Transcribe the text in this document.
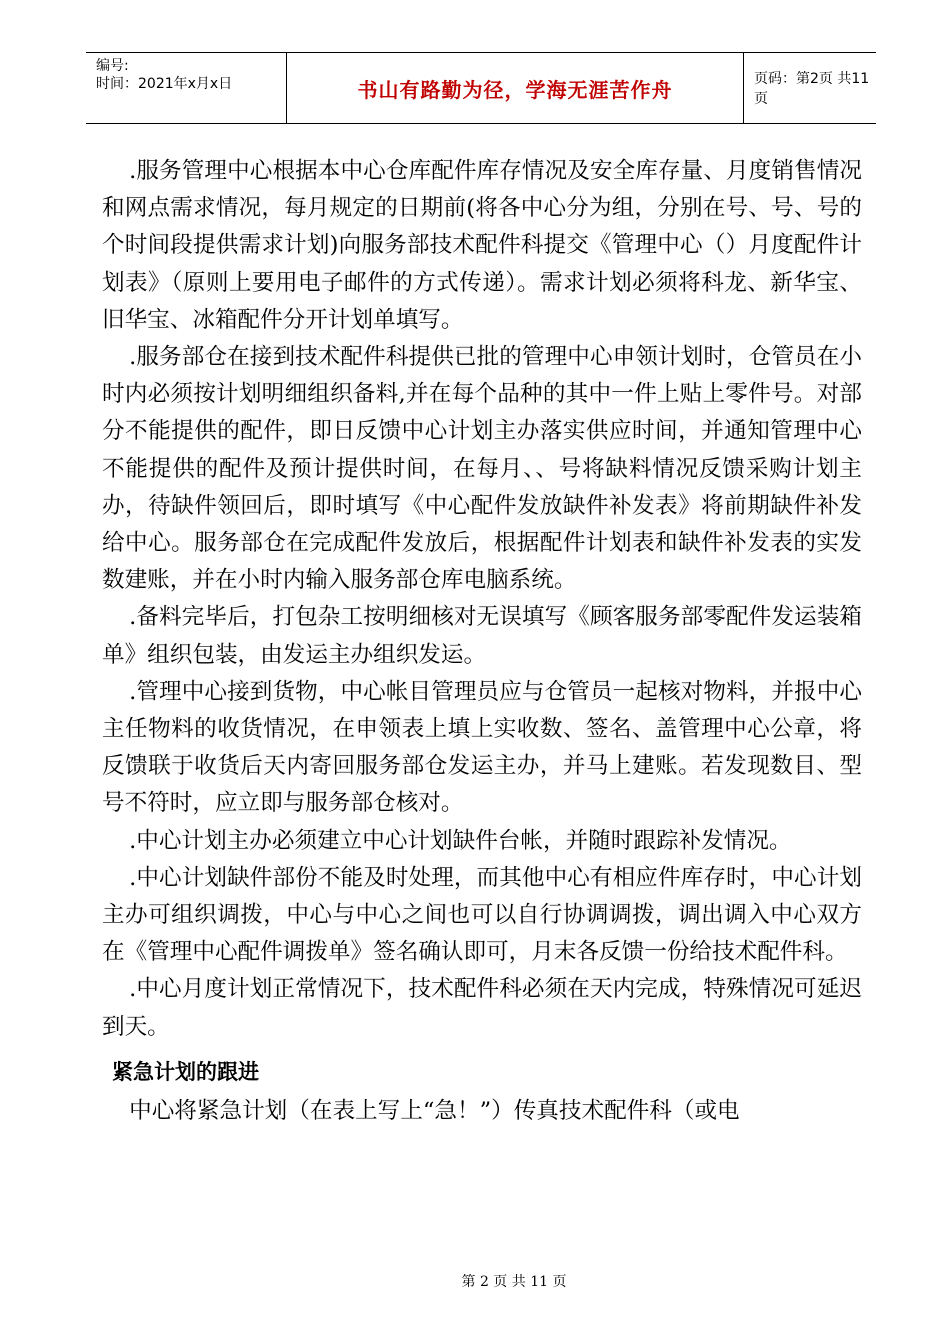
编号:
时间：2021年x月x日	书山有路勤为径，学海无涯苦作舟	页码：第2页 共11页

.服务管理中心根据本中心仓库配件库存情况及安全库存量、月度销售情况和网点需求情况，每月规定的日期前(将各中心分为组，分别在号、号、号的个时间段提供需求计划)向服务部技术配件科提交《管理中心（）月度配件计划表》（原则上要用电子邮件的方式传递）。需求计划必须将科龙、新华宝、旧华宝、冰箱配件分开计划单填写。

.服务部仓在接到技术配件科提供已批的管理中心申领计划时，仓管员在小时内必须按计划明细组织备料,并在每个品种的其中一件上贴上零件号。对部分不能提供的配件，即日反馈中心计划主办落实供应时间，并通知管理中心不能提供的配件及预计提供时间，在每月、、号将缺料情况反馈采购计划主办，待缺件领回后，即时填写《中心配件发放缺件补发表》将前期缺件补发给中心。服务部仓在完成配件发放后，根据配件计划表和缺件补发表的实发数建账，并在小时内输入服务部仓库电脑系统。

.备料完毕后，打包杂工按明细核对无误填写《顾客服务部零配件发运装箱单》组织包装，由发运主办组织发运。

.管理中心接到货物，中心帐目管理员应与仓管员一起核对物料，并报中心主任物料的收货情况，在申领表上填上实收数、签名、盖管理中心公章，将反馈联于收货后天内寄回服务部仓发运主办，并马上建账。若发现数目、型号不符时，应立即与服务部仓核对。

.中心计划主办必须建立中心计划缺件台帐，并随时跟踪补发情况。

.中心计划缺件部份不能及时处理，而其他中心有相应件库存时，中心计划主办可组织调拨，中心与中心之间也可以自行协调调拨，调出调入中心双方在《管理中心配件调拨单》签名确认即可，月末各反馈一份给技术配件科。

.中心月度计划正常情况下，技术配件科必须在天内完成，特殊情况可延迟到天。

紧急计划的跟进

中心将紧急计划（在表上写上“急！”）传真技术配件科（或电

第 2 页 共 11 页
